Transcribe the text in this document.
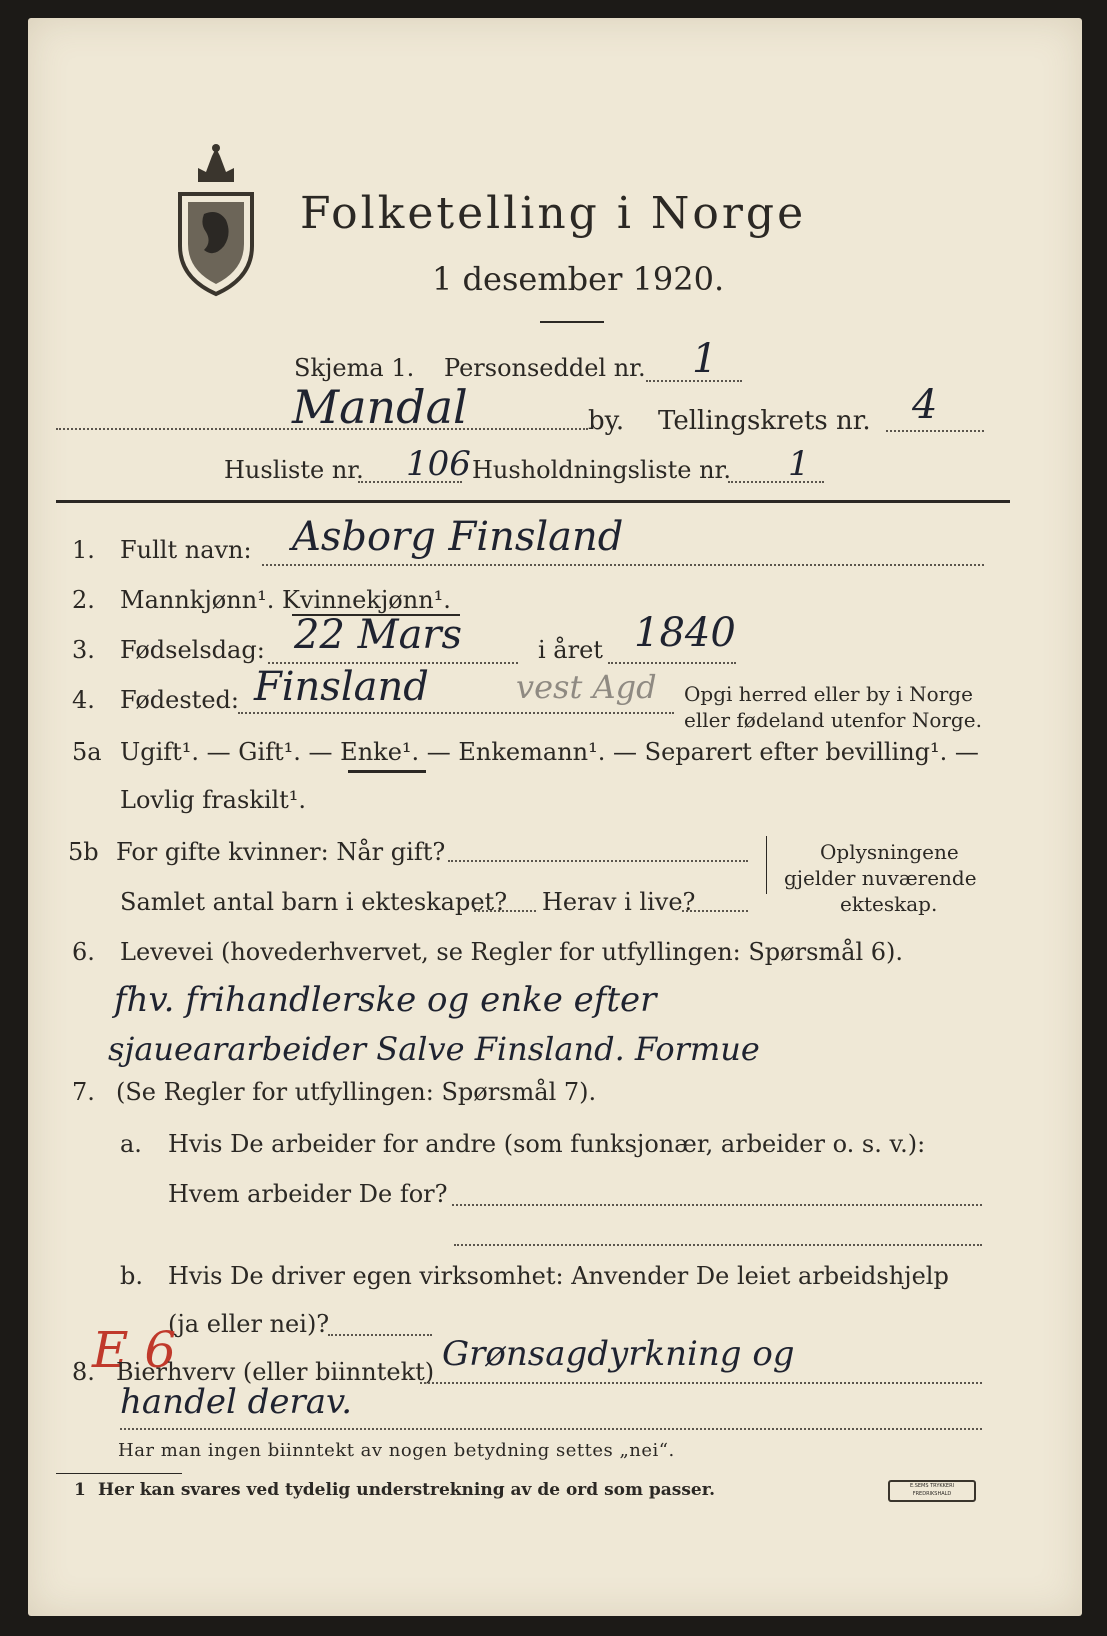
Folketelling i Norge
1 desember 1920.
Skjema 1. Personseddel nr. 1
Mandal	by. Tellingskrets nr. 4
Husliste nr. 106 Husholdningsliste nr. 1
1. Fullt navn: Asborg Finsland
2. Mannkjønn¹. Kvinnekjønn¹.
3. Fødselsdag: 22 Mars	i året 1840
4. Fødested: Finsland	vest Agd Opgi herred eller by i Norge
eller fødeland utenfor Norge.
5a Ugift¹. — Gift¹. — Enke¹. — Enkemann¹. — Separert efter bevilling¹. —
Lovlig fraskilt¹.
5b For gifte kvinner: Når gift?
Samlet antal barn i ekteskapet? Herav i live?
Oplysningene
gjelder nuværende
ekteskap.
6. Levevei (hovederhvervet, se Regler for utfyllingen: Spørsmål 6).
fhv. frihandlerske og enke efter
sjaueararbeider Salve Finsland. Formue
7. (Se Regler for utfyllingen: Spørsmål 7).
a. Hvis De arbeider for andre (som funksjonær, arbeider o. s. v.):
Hvem arbeider De for?
b. Hvis De driver egen virksomhet: Anvender De leiet arbeidshjelp
(ja eller nei)?
E 6
8. Bierhverv (eller biinntekt) Grønsagdyrkning og
handel derav.
Har man ingen biinntekt av nogen betydning settes „nei“.
1 Her kan svares ved tydelig understrekning av de ord som passer.	E.SEMS TRYKKERI FREDRIKSHALD
